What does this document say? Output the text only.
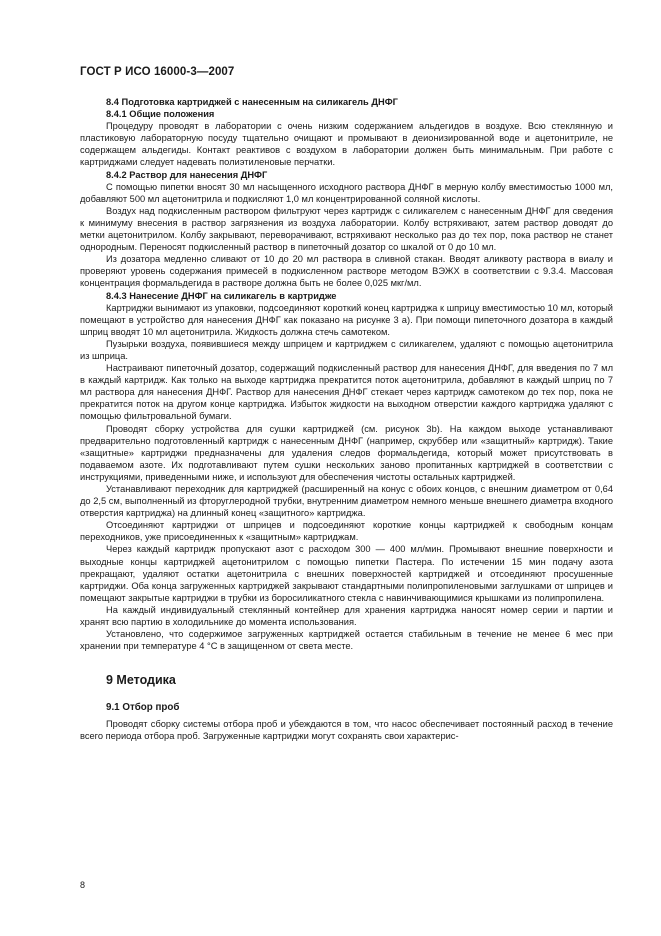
ГОСТ Р ИСО 16000-3—2007
8.4 Подготовка картриджей с нанесенным на силикагель ДНФГ
8.4.1 Общие положения
Процедуру проводят в лаборатории с очень низким содержанием альдегидов в воздухе. Всю стеклянную и пластиковую лабораторную посуду тщательно очищают и промывают в деионизированной воде и ацетонитриле, не содержащем альдегиды. Контакт реактивов с воздухом в лаборатории должен быть минимальным. При работе с картриджами следует надевать полиэтиленовые перчатки.
8.4.2 Раствор для нанесения ДНФГ
С помощью пипетки вносят 30 мл насыщенного исходного раствора ДНФГ в мерную колбу вместимостью 1000 мл, добавляют 500 мл ацетонитрила и подкисляют 1,0 мл концентрированной соляной кислоты.
Воздух над подкисленным раствором фильтруют через картридж с силикагелем с нанесенным ДНФГ для сведения к минимуму внесения в раствор загрязнения из воздуха лаборатории. Колбу встряхивают, затем раствор доводят до метки ацетонитрилом. Колбу закрывают, переворачивают, встряхивают несколько раз до тех пор, пока раствор не станет однородным. Переносят подкисленный раствор в пипеточный дозатор со шкалой от 0 до 10 мл.
Из дозатора медленно сливают от 10 до 20 мл раствора в сливной стакан. Вводят аликвоту раствора в виалу и проверяют уровень содержания примесей в подкисленном растворе методом ВЭЖХ в соответствии с 9.3.4. Массовая концентрация формальдегида в растворе должна быть не более 0,025 мкг/мл.
8.4.3 Нанесение ДНФГ на силикагель в картридже
Картриджи вынимают из упаковки, подсоединяют короткий конец картриджа к шприцу вместимостью 10 мл, который помещают в устройство для нанесения ДНФГ как показано на рисунке 3 а). При помощи пипеточного дозатора в каждый шприц вводят 10 мл ацетонитрила. Жидкость должна стечь самотеком.
Пузырьки воздуха, появившиеся между шприцем и картриджем с силикагелем, удаляют с помощью ацетонитрила из шприца.
Настраивают пипеточный дозатор, содержащий подкисленный раствор для нанесения ДНФГ, для введения по 7 мл в каждый картридж. Как только на выходе картриджа прекратится поток ацетонитрила, добавляют в каждый шприц по 7 мл раствора для нанесения ДНФГ. Раствор для нанесения ДНФГ стекает через картридж самотеком до тех пор, пока не прекратится поток на другом конце картриджа. Избыток жидкости на выходном отверстии каждого картриджа удаляют с помощью фильтровальной бумаги.
Проводят сборку устройства для сушки картриджей (см. рисунок 3b). На каждом выходе устанавливают предварительно подготовленный картридж с нанесенным ДНФГ (например, скруббер или «защитный» картридж). Такие «защитные» картриджи предназначены для удаления следов формальдегида, который может присутствовать в подаваемом азоте. Их подготавливают путем сушки нескольких заново пропитанных картриджей в соответствии с инструкциями, приведенными ниже, и используют для обеспечения чистоты остальных картриджей.
Устанавливают переходник для картриджей (расширенный на конус с обоих концов, с внешним диаметром от 0,64 до 2,5 см, выполненный из фторуглеродной трубки, внутренним диаметром немного меньше внешнего диаметра входного отверстия картриджа) на длинный конец «защитного» картриджа.
Отсоединяют картриджи от шприцев и подсоединяют короткие концы картриджей к свободным концам переходников, уже присоединенных к «защитным» картриджам.
Через каждый картридж пропускают азот с расходом 300 — 400 мл/мин. Промывают внешние поверхности и выходные концы картриджей ацетонитрилом с помощью пипетки Пастера. По истечении 15 мин подачу азота прекращают, удаляют остатки ацетонитрила с внешних поверхностей картриджей и отсоединяют просушенные картриджи. Оба конца загруженных картриджей закрывают стандартными полипропиленовыми заглушками от шприцев и помещают закрытые картриджи в трубки из боросиликатного стекла с навинчивающимися крышками из полипропилена.
На каждый индивидуальный стеклянный контейнер для хранения картриджа наносят номер серии и партии и хранят всю партию в холодильнике до момента использования.
Установлено, что содержимое загруженных картриджей остается стабильным в течение не менее 6 мес при хранении при температуре 4 °С в защищенном от света месте.
9 Методика
9.1 Отбор проб
Проводят сборку системы отбора проб и убеждаются в том, что насос обеспечивает постоянный расход в течение всего периода отбора проб. Загруженные картриджи могут сохранять свои характерис-
8
